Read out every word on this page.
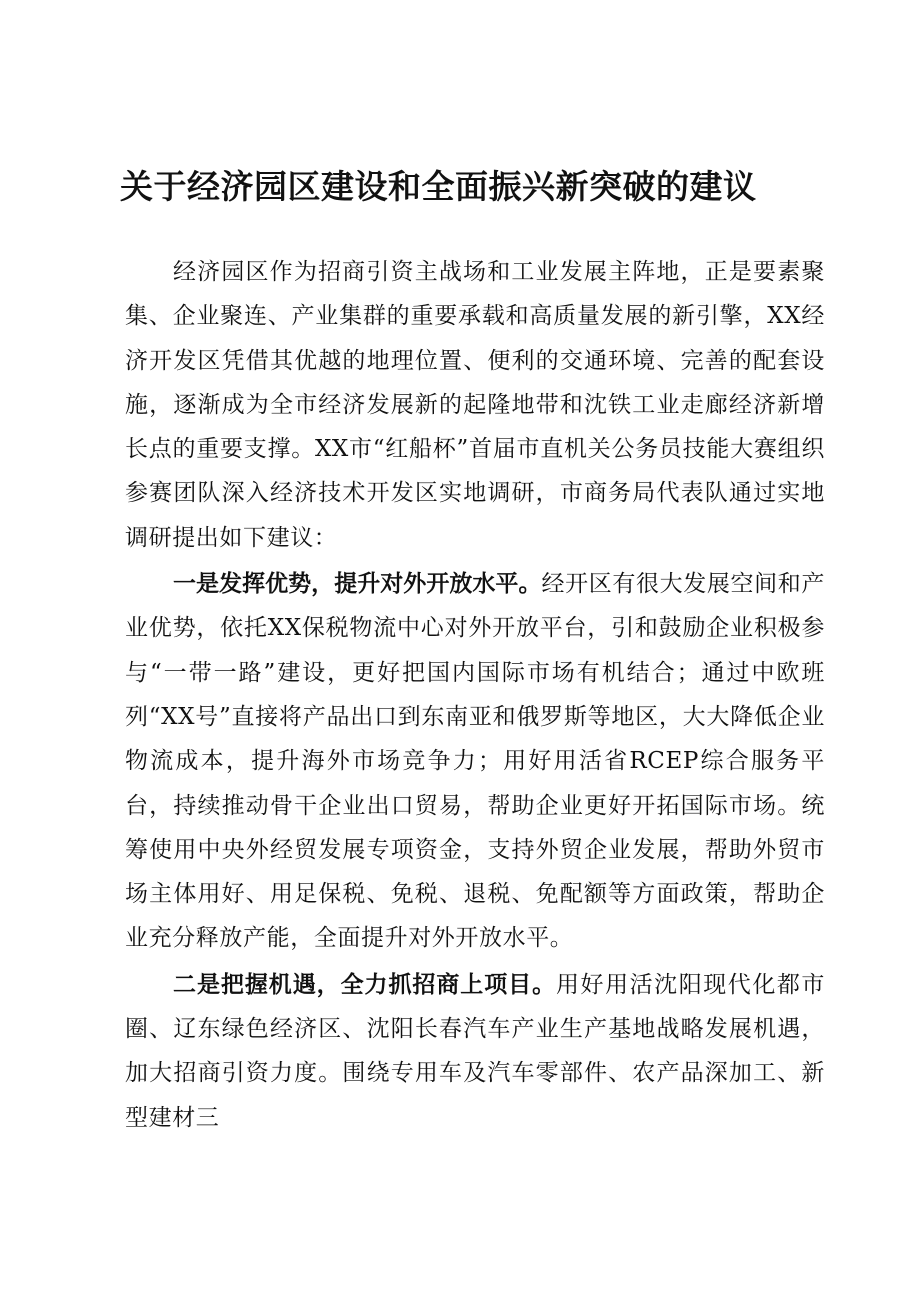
关于经济园区建设和全面振兴新突破的建议

经济园区作为招商引资主战场和工业发展主阵地，正是要素聚集、企业聚连、产业集群的重要承载和高质量发展的新引擎，XX经济开发区凭借其优越的地理位置、便利的交通环境、完善的配套设施，逐渐成为全市经济发展新的起隆地带和沈铁工业走廊经济新增长点的重要支撑。XX市“红船杯”首届市直机关公务员技能大赛组织参赛团队深入经济技术开发区实地调研，市商务局代表队通过实地调研提出如下建议：

一是发挥优势，提升对外开放水平。经开区有很大发展空间和产业优势，依托XX保税物流中心对外开放平台，引和鼓励企业积极参与“一带一路”建设，更好把国内国际市场有机结合；通过中欧班列“XX号”直接将产品出口到东南亚和俄罗斯等地区，大大降低企业物流成本，提升海外市场竞争力；用好用活省RCEP综合服务平台，持续推动骨干企业出口贸易，帮助企业更好开拓国际市场。统筹使用中央外经贸发展专项资金，支持外贸企业发展，帮助外贸市场主体用好、用足保税、免税、退税、免配额等方面政策，帮助企业充分释放产能，全面提升对外开放水平。

二是把握机遇，全力抓招商上项目。用好用活沈阳现代化都市圈、辽东绿色经济区、沈阳长春汽车产业生产基地战略发展机遇，加大招商引资力度。围绕专用车及汽车零部件、农产品深加工、新型建材三
